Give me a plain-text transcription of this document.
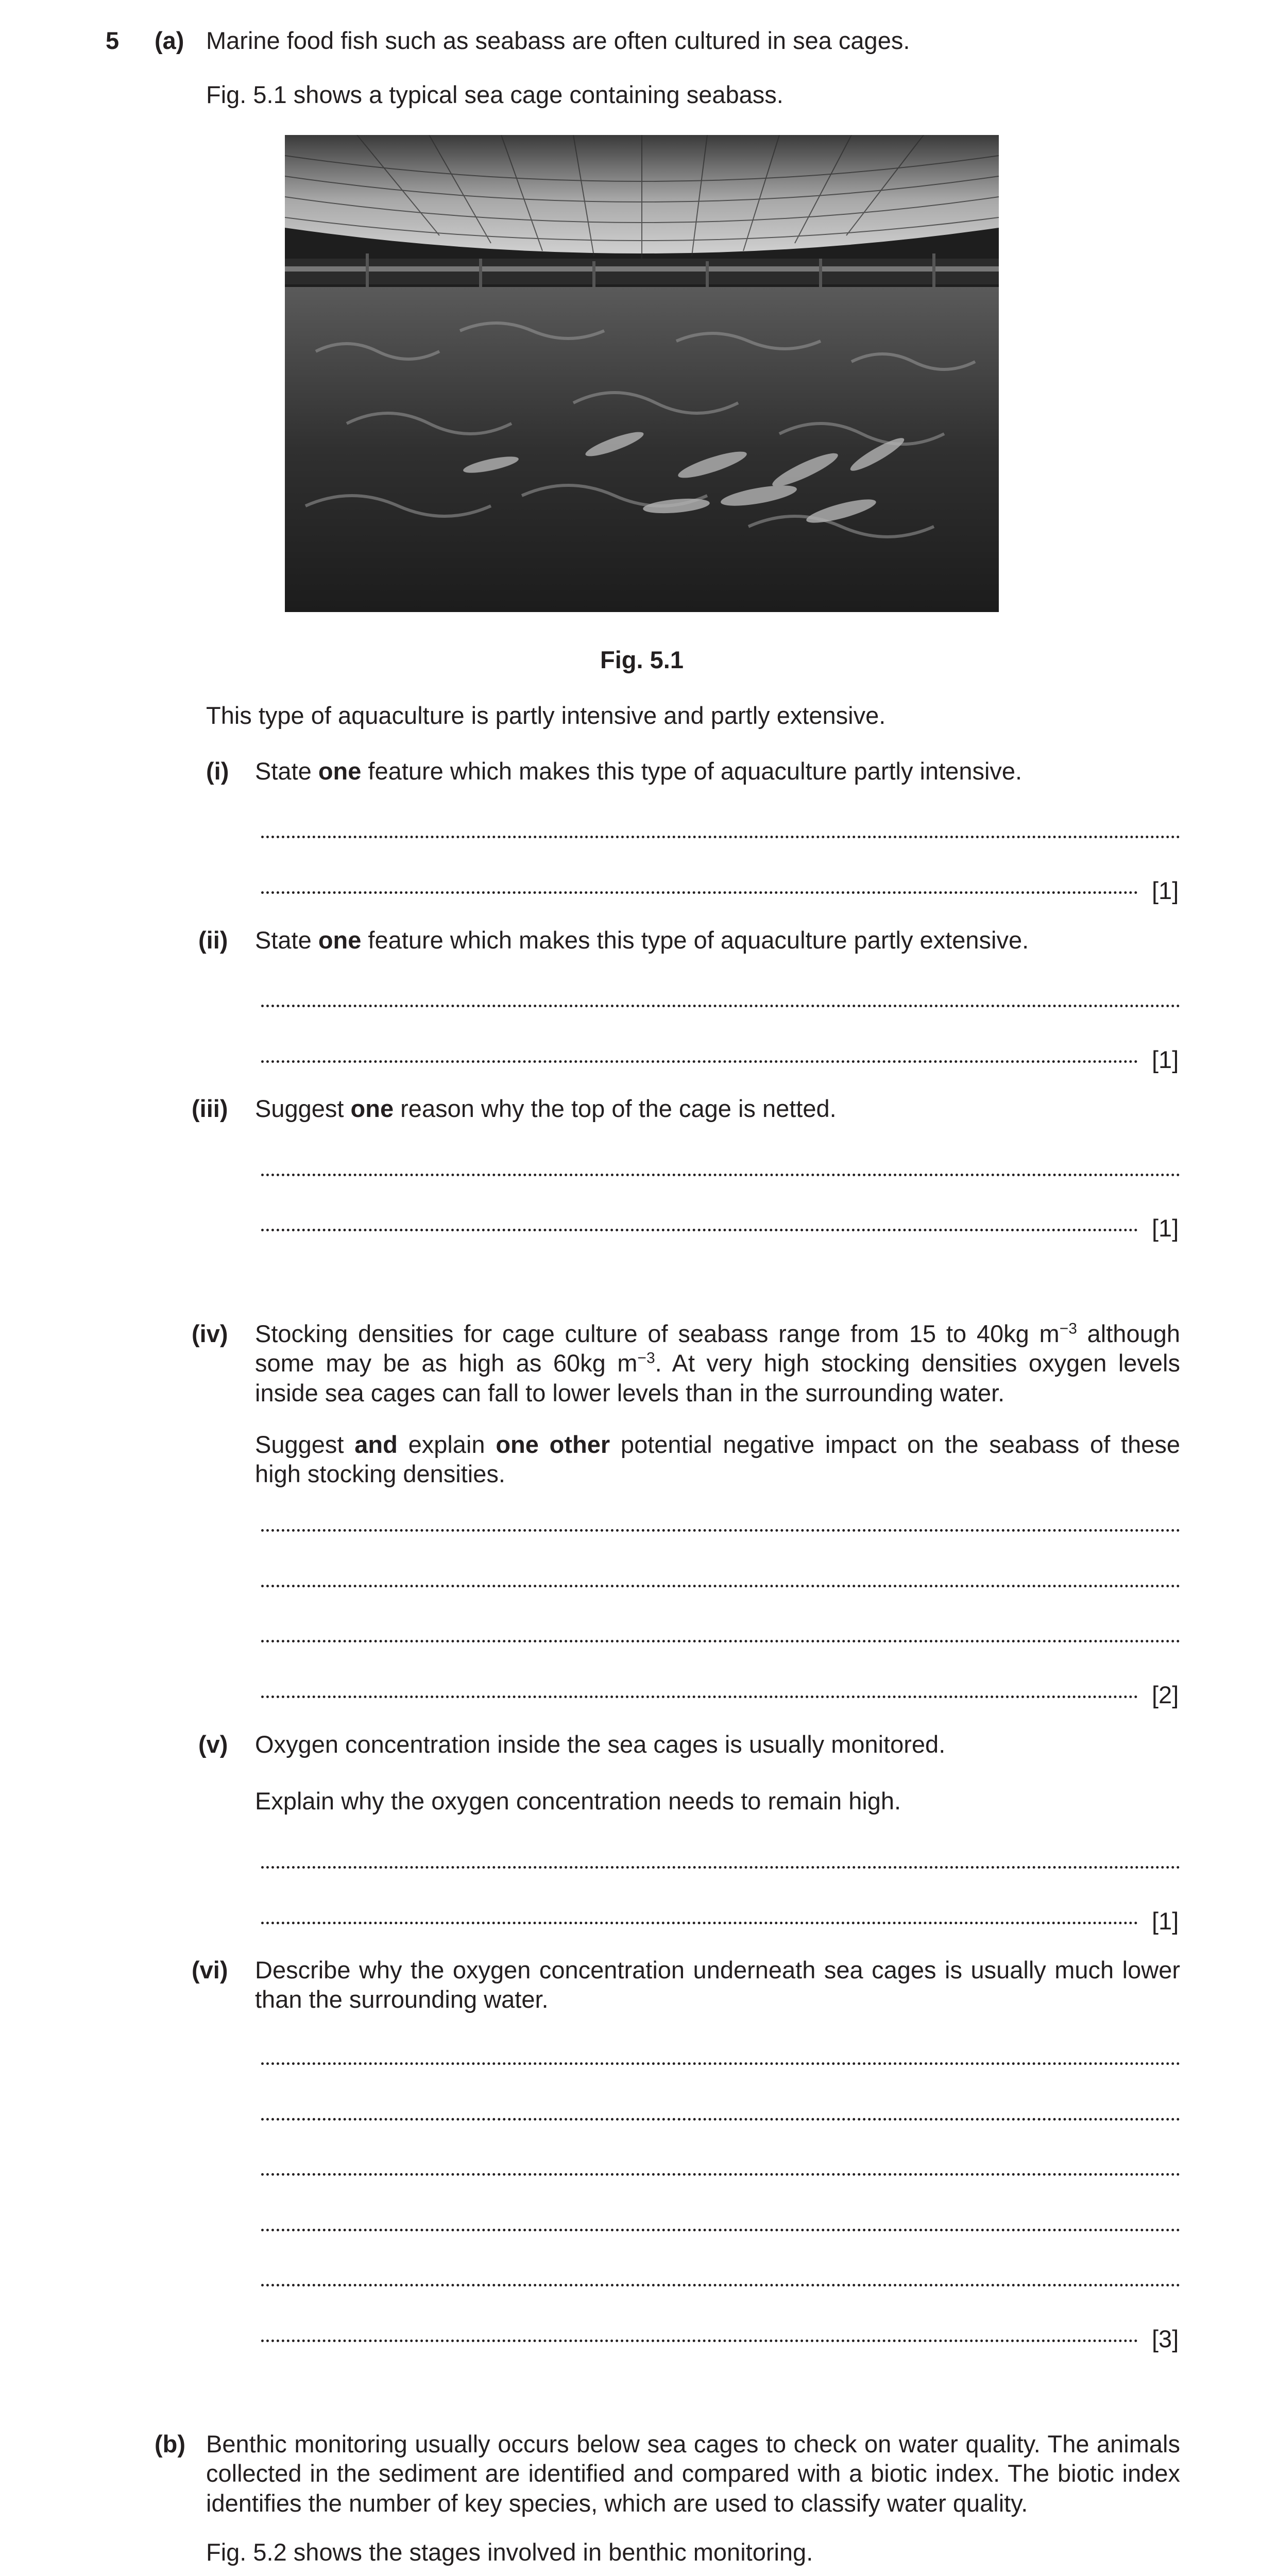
5 (a) Marine food fish such as seabass are often cultured in sea cages.
Fig. 5.1 shows a typical sea cage containing seabass.
Fig. 5.1
This type of aquaculture is partly intensive and partly extensive.
(i) State one feature which makes this type of aquaculture partly intensive.
[1]
(ii) State one feature which makes this type of aquaculture partly extensive.
[1]
(iii) Suggest one reason why the top of the cage is netted.
[1]
(iv) Stocking densities for cage culture of seabass range from 15 to 40kg $m^{-3}$ although some may be as high as 60kg $m^{-3}$. At very high stocking densities oxygen levels inside sea cages can fall to lower levels than in the surrounding water.
Suggest and explain one other potential negative impact on the seabass of these high stocking densities.
[2]
(v) Oxygen concentration inside the sea cages is usually monitored.
Explain why the oxygen concentration needs to remain high.
[1]
(vi) Describe why the oxygen concentration underneath sea cages is usually much lower than the surrounding water.
[3]
(b) Benthic monitoring usually occurs below sea cages to check on water quality. The animals collected in the sediment are identified and compared with a biotic index. The biotic index identifies the number of key species, which are used to classify water quality.
Fig. 5.2 shows the stages involved in benthic monitoring.
